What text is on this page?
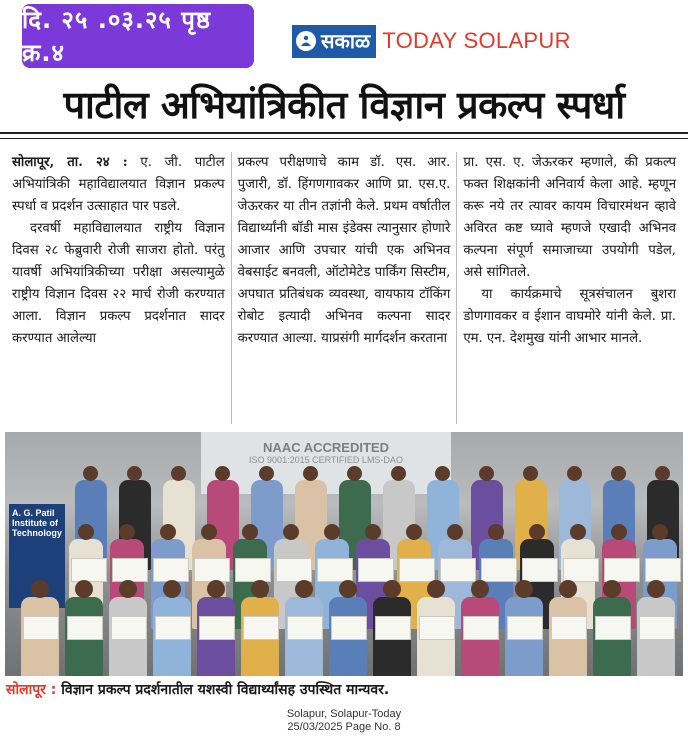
दि. २५ .०३.२५ पृष्ठ क्र.४	सकाळ TODAY SOLAPUR
पाटील अभियांत्रिकीत विज्ञान प्रकल्प स्पर्धा

सोलापूर, ता. २४ : ए. जी. पाटील अभियांत्रिकी महाविद्यालयात विज्ञान प्रकल्प स्पर्धा व प्रदर्शन उत्साहात पार पडले.

दरवर्षी महाविद्यालयात राष्ट्रीय विज्ञान दिवस २८ फेब्रुवारी रोजी साजरा होतो. परंतु यावर्षी अभियांत्रिकीच्या परीक्षा असल्यामुळे राष्ट्रीय विज्ञान दिवस २२ मार्च रोजी करण्यात आला. विज्ञान प्रकल्प प्रदर्शनात सादर करण्यात आलेल्या

प्रकल्प परीक्षणाचे काम डॉ. एस. आर. पुजारी, डॉ. हिंगणगावकर आणि प्रा. एस.ए. जेऊरकर या तीन तज्ञांनी केले. प्रथम वर्षातील विद्यार्थ्यांनी बॉडी मास इंडेक्स त्यानुसार होणारे आजार आणि उपचार यांची एक अभिनव वेबसाईट बनवली, ऑटोमेटेड पार्किंग सिस्टीम, अपघात प्रतिबंधक व्यवस्था, वायफाय टॉकिंग रोबोट इत्यादी अभिनव कल्पना सादर करण्यात आल्या. याप्रसंगी मार्गदर्शन करताना

प्रा. एस. ए. जेऊरकर म्हणाले, की प्रकल्प फक्त शिक्षकांनी अनिवार्य केला आहे. म्हणून करू नये तर त्यावर कायम विचारमंथन व्हावे अविरत कष्ट घ्यावे म्हणजे एखादी अभिनव कल्पना संपूर्ण समाजाच्या उपयोगी पडेल, असे सांगितले.

या कार्यक्रमाचे सूत्रसंचालन बुशरा डोणगावकर व ईशान वाघमोरे यांनी केले. प्रा. एम. एन. देशमुख यांनी आभार मानले.

NAAC ACCREDITED
ISO 9001:2015 CERTIFIED LMS-DAO
A. G. Patil
Institute of
Technology
सोलापूर : विज्ञान प्रकल्प प्रदर्शनातील यशस्वी विद्यार्थ्यांसह उपस्थित मान्यवर.
Solapur, Solapur-Today
25/03/2025 Page No. 8
